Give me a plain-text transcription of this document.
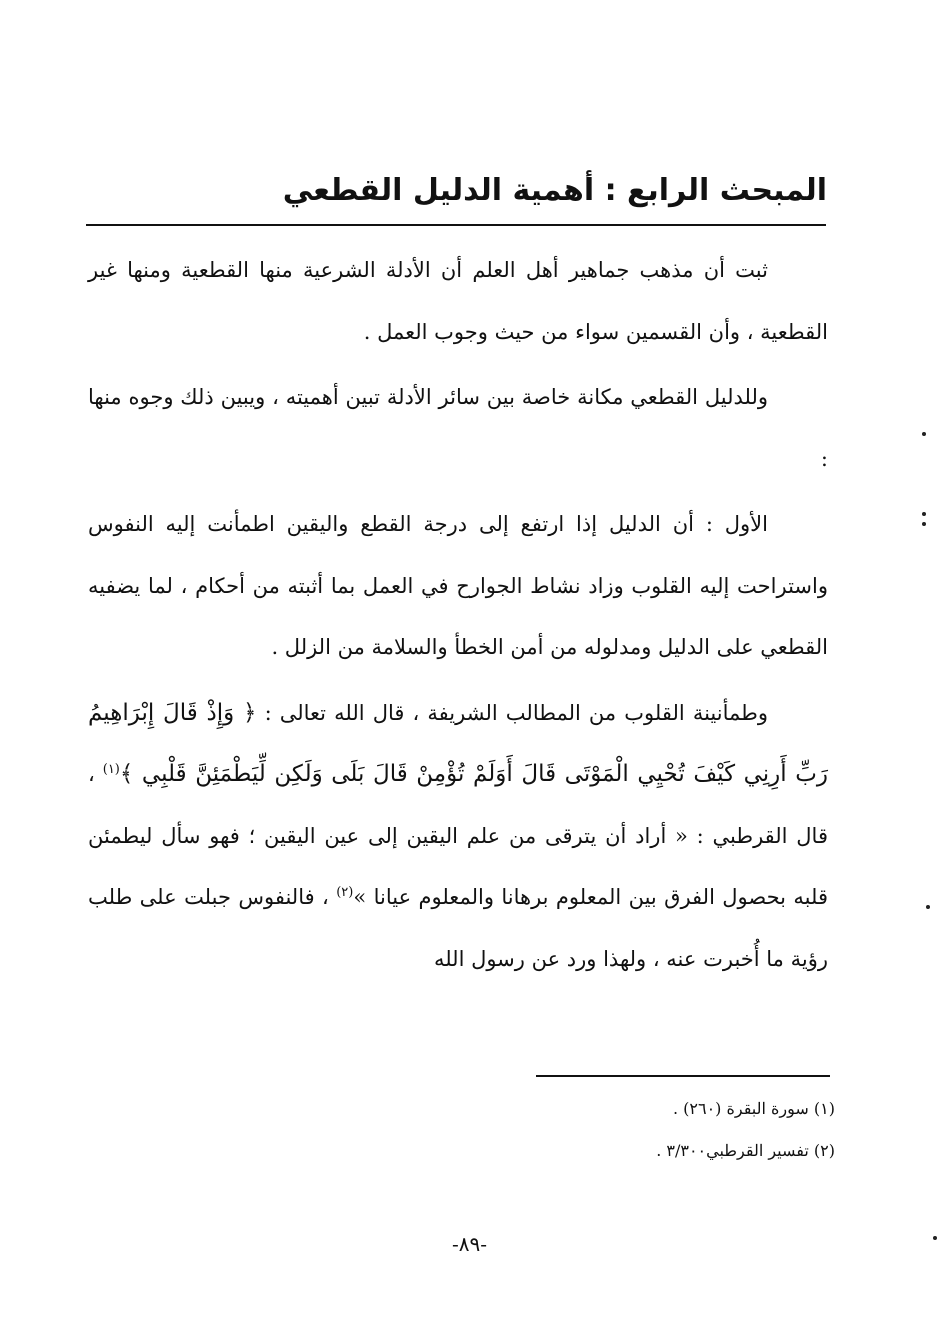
المبحث الرابع : أهمية الدليل القطعي

ثبت أن مذهب جماهير أهل العلم أن الأدلة الشرعية منها القطعية ومنها غير القطعية ، وأن القسمين سواء من حيث وجوب العمل .

وللدليل القطعي مكانة خاصة بين سائر الأدلة تبين أهميته ، ويبين ذلك وجوه منها :

الأول : أن الدليل إذا ارتفع إلى درجة القطع واليقين اطمأنت إليه النفوس واستراحت إليه القلوب وزاد نشاط الجوارح في العمل بما أثبته من أحكام ، لما يضفيه القطعي على الدليل ومدلوله من أمن الخطأ والسلامة من الزلل .

وطمأنينة القلوب من المطالب الشريفة ، قال الله تعالى : ﴿ وَإِذْ قَالَ إِبْرَاهِيمُ رَبِّ أَرِنِي كَيْفَ تُحْيِي الْمَوْتَى قَالَ أَوَلَمْ تُؤْمِنْ قَالَ بَلَى وَلَكِن لِّيَطْمَئِنَّ قَلْبِي ﴾$^{(١)}$ ، قال القرطبي : « أراد أن يترقى من علم اليقين إلى عين اليقين ؛ فهو سأل ليطمئن قلبه بحصول الفرق بين المعلوم برهانا والمعلوم عيانا »$^{(٢)}$ ، فالنفوس جبلت على طلب رؤية ما أُخبرت عنه ، ولهذا ورد عن رسول الله

(١) سورة البقرة (٢٦٠) .
(٢) تفسير القرطبي٣/٣٠٠ .
-٨٩-
